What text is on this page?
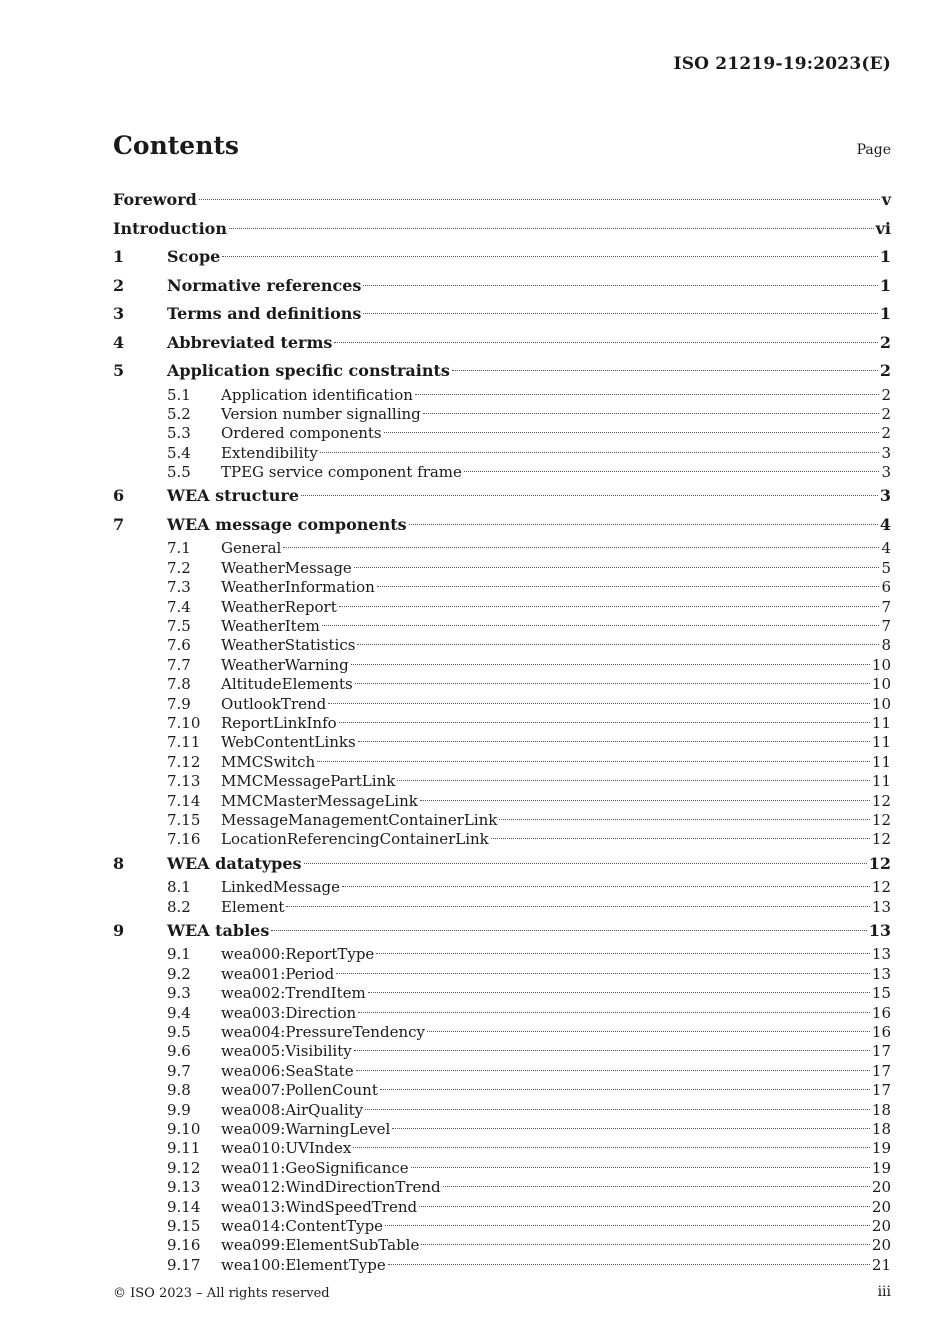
ISO 21219-19:2023(E)
Contents	Page
Foreword	v
Introduction	vi
1	Scope	1
2	Normative references	1
3	Terms and definitions	1
4	Abbreviated terms	2
5	Application specific constraints	2
5.1	Application identification	2
5.2	Version number signalling	2
5.3	Ordered components	2
5.4	Extendibility	3
5.5	TPEG service component frame	3
6	WEA structure	3
7	WEA message components	4
7.1	General	4
7.2	WeatherMessage	5
7.3	WeatherInformation	6
7.4	WeatherReport	7
7.5	WeatherItem	7
7.6	WeatherStatistics	8
7.7	WeatherWarning	10
7.8	AltitudeElements	10
7.9	OutlookTrend	10
7.10	ReportLinkInfo	11
7.11	WebContentLinks	11
7.12	MMCSwitch	11
7.13	MMCMessagePartLink	11
7.14	MMCMasterMessageLink	12
7.15	MessageManagementContainerLink	12
7.16	LocationReferencingContainerLink	12
8	WEA datatypes	12
8.1	LinkedMessage	12
8.2	Element	13
9	WEA tables	13
9.1	wea000:ReportType	13
9.2	wea001:Period	13
9.3	wea002:TrendItem	15
9.4	wea003:Direction	16
9.5	wea004:PressureTendency	16
9.6	wea005:Visibility	17
9.7	wea006:SeaState	17
9.8	wea007:PollenCount	17
9.9	wea008:AirQuality	18
9.10	wea009:WarningLevel	18
9.11	wea010:UVIndex	19
9.12	wea011:GeoSignificance	19
9.13	wea012:WindDirectionTrend	20
9.14	wea013:WindSpeedTrend	20
9.15	wea014:ContentType	20
9.16	wea099:ElementSubTable	20
9.17	wea100:ElementType	21
© ISO 2023 – All rights reserved	iii
